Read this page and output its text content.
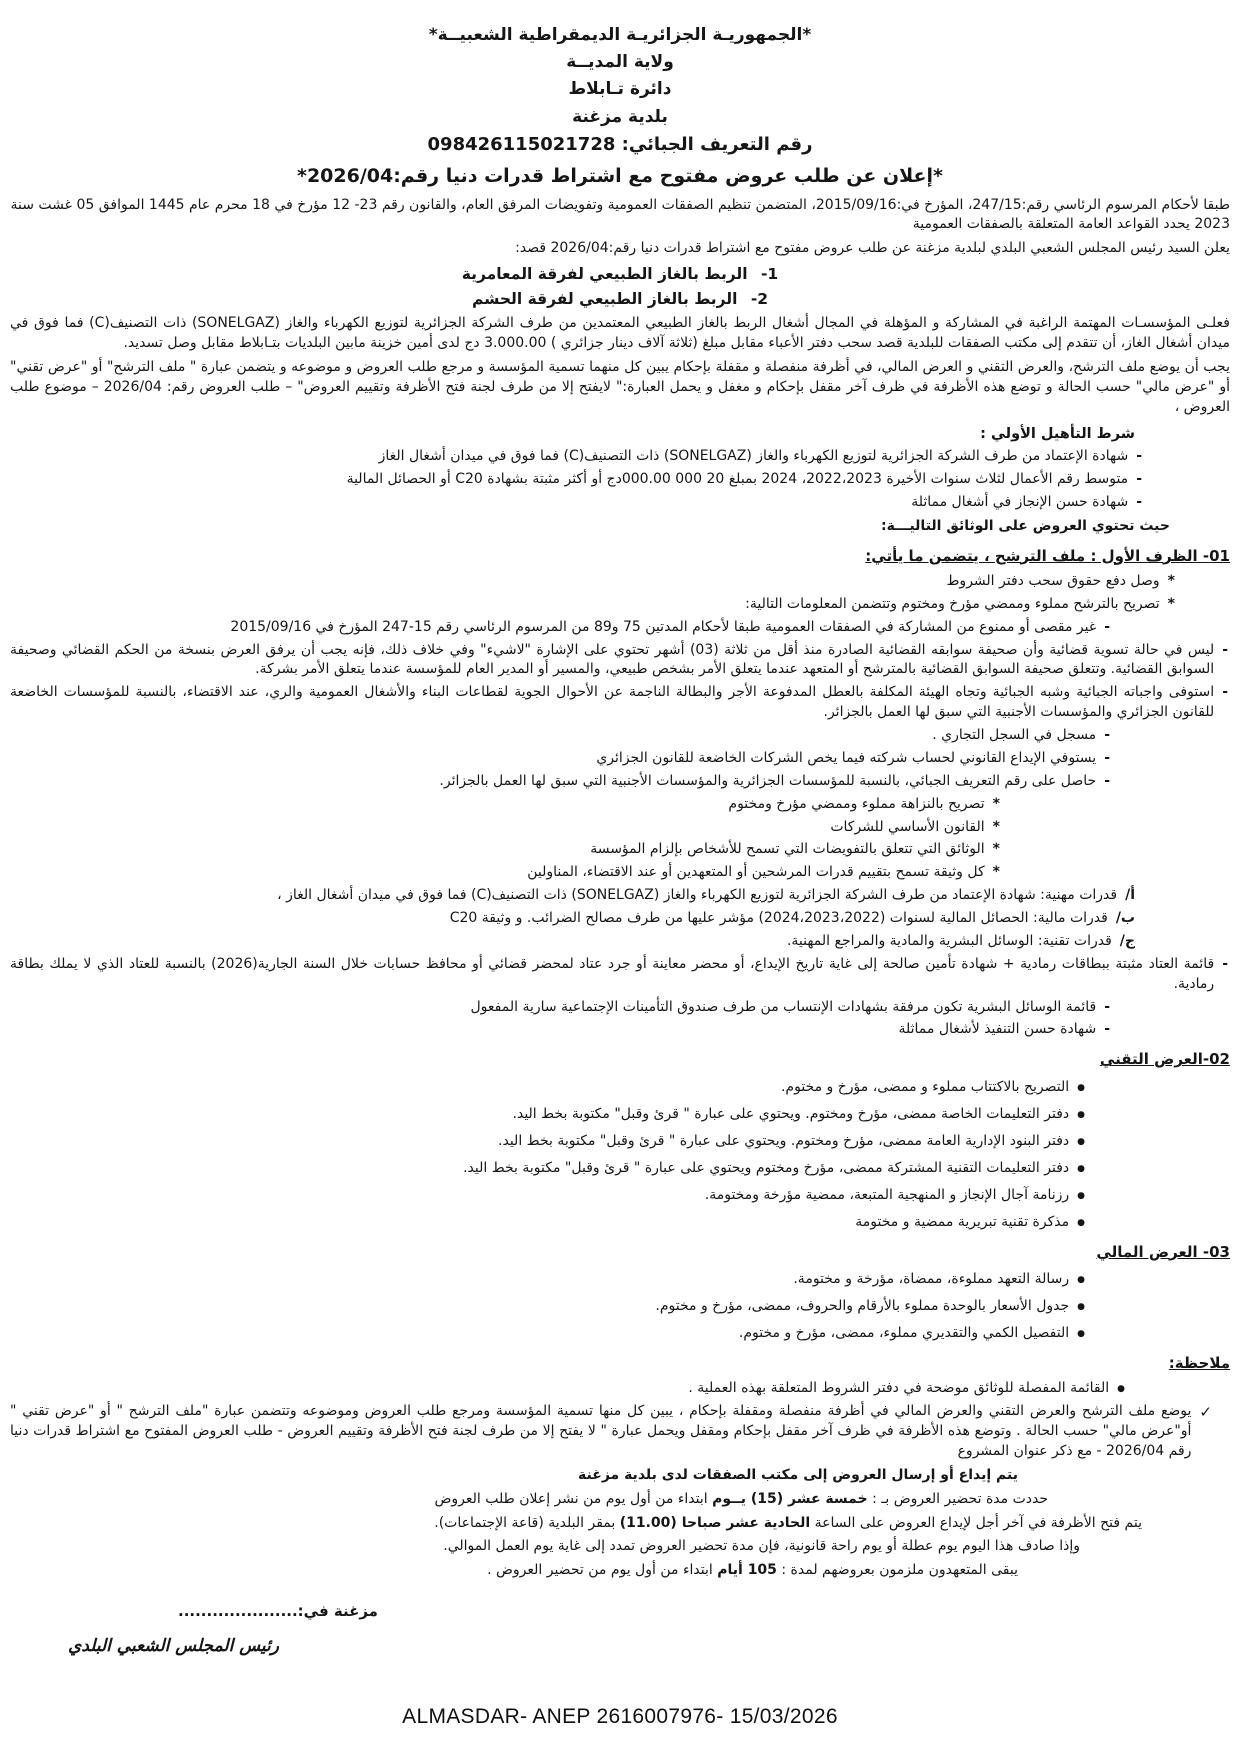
*الجمهوريـة الجزائريـة الديمقراطية الشعبيــة*
ولاية المديــة
دائرة تـابلاط
بلدية مزغنة
رقم التعريف الجبائي: 098426115021728
*إعلان عن طلب عروض مفتوح مع اشتراط قدرات دنيا رقم:2026/04*

طبقا لأحكام المرسوم الرئاسي رقم:247/15، المؤرخ في:2015/09/16، المتضمن تنظيم الصفقات العمومية وتفويضات المرفق العام، والقانون رقم 23- 12 مؤرخ في 18 محرم عام 1445 الموافق 05 غشت سنة 2023 يحدد القواعد العامة المتعلقة بالصفقات العمومية

يعلن السيد رئيس المجلس الشعبي البلدي لبلدية مزغنة عن طلب عروض مفتوح مع اشتراط قدرات دنيا رقم:2026/04 قصد:

1- الربط بالغاز الطبيعي لفرقة المعامرية
2- الربط بالغاز الطبيعي لفرقة الحشم

فعلـى المؤسسـات المهتمة الراغبة في المشاركة و المؤهلة في المجال أشغال الربط بالغاز الطبيعي المعتمدين من طرف الشركة الجزائرية لتوزيع الكهرباء والغاز (SONELGAZ) ذات التصنيف(C) فما فوق في ميدان أشغال الغاز، أن تتقدم إلى مكتب الصفقات للبلدية قصد سحب دفتر الأعباء مقابل مبلغ (ثلاثة آلاف دينار جزائري ) 3.000.00 دج لدى أمين خزينة مابين البلديات بتـابلاط مقابل وصل تسديد.

يجب أن يوضع ملف الترشح، والعرض التقني و العرض المالي، في أظرفة منفصلة و مقفلة بإحكام يبين كل منهما تسمية المؤسسة و مرجع طلب العروض و موضوعه و يتضمن عبارة " ملف الترشح" أو "عرض تقني" أو "عرض مالي" حسب الحالة و توضع هذه الأظرفة في ظرف آخر مقفل بإحكام و مغفل و يحمل العبارة:" لايفتح إلا من طرف لجنة فتح الأظرفة وتقييم العروض" – طلب العروض رقم: 2026/04 – موضوع طلب العروض ،

شرط التأهيل الأولي :
-
شهادة الإعتماد من طرف الشركة الجزائرية لتوزيع الكهرباء والغاز (SONELGAZ) ذات التصنيف(C) فما فوق في ميدان أشغال الغاز
-
متوسط رقم الأعمال لثلاث سنوات الأخيرة 2022،2023، 2024 بمبلغ 20 000 000.00دج أو أكثر مثبتة بشهادة C20 أو الحصائل المالية
-
شهادة حسن الإنجاز في أشغال مماثلة
حيث تحتوي العروض على الوثائق التاليـــة:
01- الظرف الأول : ملف الترشح ، يتضمن ما يأتي:
*
وصل دفع حقوق سحب دفتر الشروط
*
تصريح بالترشح مملوء وممضي مؤرخ ومختوم وتتضمن المعلومات التالية:
-
غير مقصى أو ممنوع من المشاركة في الصفقات العمومية طبقا لأحكام المدتين 75 و89 من المرسوم الرئاسي رقم 15-247 المؤرخ في 2015/09/16
-
ليس في حالة تسوية قضائية وأن صحيفة سوابقه القضائية الصادرة منذ أقل من ثلاثة (03) أشهر تحتوي على الإشارة "لاشيء" وفي خلاف ذلك، فإنه يجب أن يرفق العرض بنسخة من الحكم القضائي وصحيفة السوابق القضائية. وتتعلق صحيفة السوابق القضائية بالمترشح أو المتعهد عندما يتعلق الأمر بشخص طبيعي، والمسير أو المدير العام للمؤسسة عندما يتعلق الأمر بشركة.
-
استوفى واجباته الجبائية وشبه الجبائية وتجاه الهيئة المكلفة بالعطل المدفوعة الأجر والبطالة الناجمة عن الأحوال الجوية لقطاعات البناء والأشغال العمومية والري، عند الاقتضاء، بالنسبة للمؤسسات الخاضعة للقانون الجزائري والمؤسسات الأجنبية التي سبق لها العمل بالجزائر.
-
مسجل في السجل التجاري .
-
يستوفي الإيداع القانوني لحساب شركته فيما يخص الشركات الخاضعة للقانون الجزائري
-
حاصل على رقم التعريف الجبائي، بالنسبة للمؤسسات الجزائرية والمؤسسات الأجنبية التي سبق لها العمل بالجزائر.
*
تصريح بالنزاهة مملوء وممضي مؤرخ ومختوم
*
القانون الأساسي للشركات
*
الوثائق التي تتعلق بالتفويضات التي تسمح للأشخاص بإلزام المؤسسة
*
كل وثيقة تسمح بتقييم قدرات المرشحين أو المتعهدين أو عند الاقتضاء، المناولين
أ/
قدرات مهنية: شهادة الإعتماد من طرف الشركة الجزائرية لتوزيع الكهرباء والغاز (SONELGAZ) ذات التصنيف(C) فما فوق في ميدان أشغال الغاز ،
ب/
قدرات مالية: الحصائل المالية لسنوات (2024،2023،2022) مؤشر عليها من طرف مصالح الضرائب. و وثيقة C20
ج/
قدرات تقنية: الوسائل البشرية والمادية والمراجع المهنية.
-
قائمة العتاد مثبتة ببطاقات رمادية + شهادة تأمين صالحة إلى غاية تاريخ الإيداع، أو محضر معاينة أو جرد عتاد لمحضر قضائي أو محافظ حسابات خلال السنة الجارية(2026) بالنسبة للعتاد الذي لا يملك بطاقة رمادية.
-
قائمة الوسائل البشرية تكون مرفقة بشهادات الإنتساب من طرف صندوق التأمينات الإجتماعية سارية المفعول
-
شهادة حسن التنفيذ لأشغال مماثلة
02-العرض التقني
●
التصريح بالاكتتاب مملوء و ممضى، مؤرخ و مختوم.
●
دفتر التعليمات الخاصة ممضى، مؤرخ ومختوم. ويحتوي على عبارة " قرئ وقبل" مكتوبة بخط اليد.
●
دفتر البنود الإدارية العامة ممضى، مؤرخ ومختوم. ويحتوي على عبارة " قرئ وقبل" مكتوبة بخط اليد.
●
دفتر التعليمات التقنية المشتركة ممضى، مؤرخ ومختوم ويحتوي على عبارة " قرئ وقبل" مكتوبة بخط اليد.
●
رزنامة آجال الإنجاز و المنهجية المتبعة، ممضية مؤرخة ومختومة.
●
مذكرة تقنية تبريرية ممضية و مختومة
03- العرض المالي
●
رسالة التعهد مملوءة، ممضاة، مؤرخة و مختومة.
●
جدول الأسعار بالوحدة مملوء بالأرقام والحروف، ممضى، مؤرخ و مختوم.
●
التفصيل الكمي والتقديري مملوء، ممضى، مؤرخ و مختوم.
ملاحظة:
●
القائمة المفصلة للوثائق موضحة في دفتر الشروط المتعلقة بهذه العملية .
✓
يوضع ملف الترشح والعرض التقني والعرض المالي في أظرفة منفصلة ومقفلة بإحكام ، يبين كل منها تسمية المؤسسة ومرجع طلب العروض وموضوعه وتتضمن عبارة "ملف الترشح " أو "عرض تقني " أو"عرض مالي" حسب الحالة . وتوضع هذه الأظرفة في ظرف آخر مقفل بإحكام ومقفل ويحمل عبارة " لا يفتح إلا من طرف لجنة فتح الأظرفة وتقييم العروض - طلب العروض المفتوح مع اشتراط قدرات دنيا رقم 2026/04 - مع ذكر عنوان المشروع

يتم إيداع أو إرسال العروض إلى مكتب الصفقات لدى بلدية مزغنة

حددت مدة تحضير العروض بـ : خمسة عشر (15) يــوم ابتداء من أول يوم من نشر إعلان طلب العروض

يتم فتح الأظرفة في آخر أجل لإيداع العروض على الساعة الحادية عشر صباحا (11.00) بمقر البلدية (قاعة الإجتماعات).

وإذا صادف هذا اليوم يوم عطلة أو يوم راحة قانونية، فإن مدة تحضير العروض تمدد إلى غاية يوم العمل الموالي.

يبقى المتعهدون ملزمون بعروضهم لمدة : 105 أيام ابتداء من أول يوم من تحضير العروض .

مزغنة في:.....................
رئيس المجلس الشعبي البلدي
ALMASDAR- ANEP 2616007976- 15/03/2026
